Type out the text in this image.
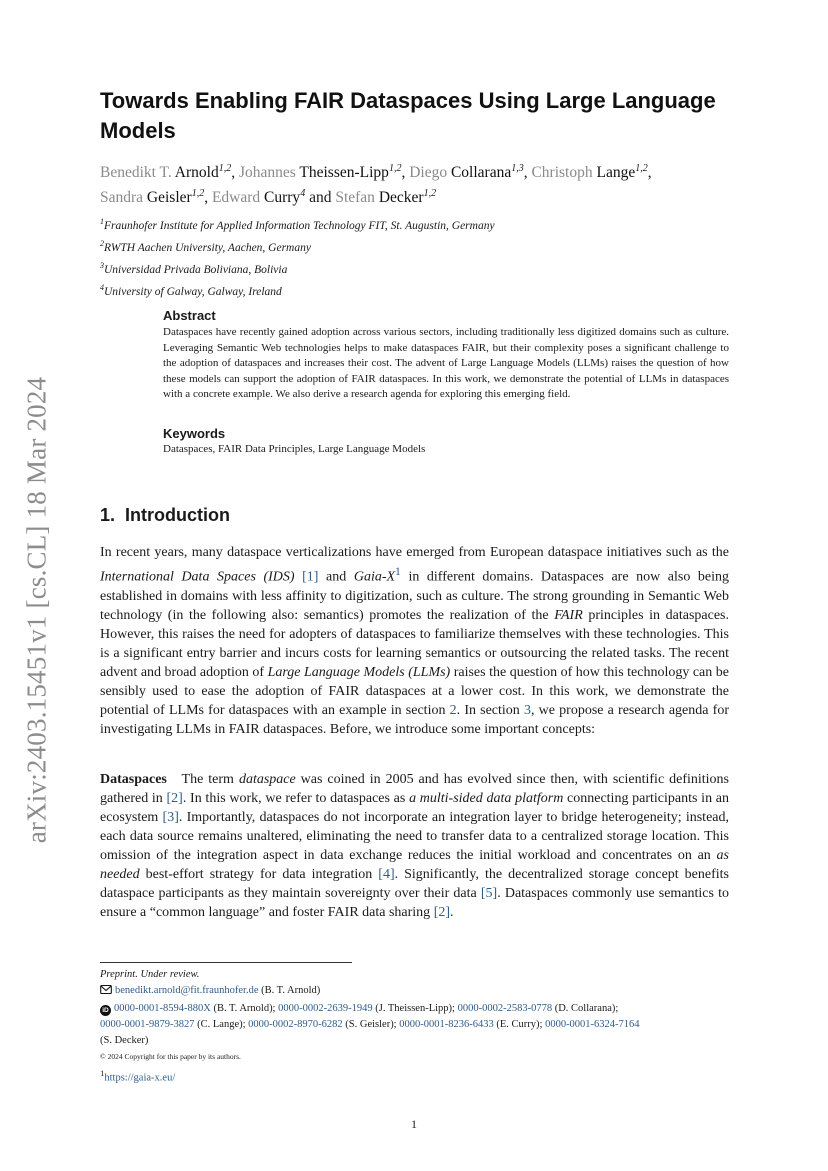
arXiv:2403.15451v1 [cs.CL] 18 Mar 2024
Towards Enabling FAIR Dataspaces Using Large Language Models
Benedikt T. Arnold$^{1,2}$, Johannes Theissen-Lipp$^{1,2}$, Diego Collarana$^{1,3}$, Christoph Lange$^{1,2}$,
Sandra Geisler$^{1,2}$, Edward Curry$^4$ and Stefan Decker$^{1,2}$
$^1$Fraunhofer Institute for Applied Information Technology FIT, St. Augustin, Germany
$^2$RWTH Aachen University, Aachen, Germany
$^3$Universidad Privada Boliviana, Bolivia
$^4$University of Galway, Galway, Ireland
Abstract
Dataspaces have recently gained adoption across various sectors, including traditionally less digitized domains such as culture. Leveraging Semantic Web technologies helps to make dataspaces FAIR, but their complexity poses a significant challenge to the adoption of dataspaces and increases their cost. The advent of Large Language Models (LLMs) raises the question of how these models can support the adoption of FAIR dataspaces. In this work, we demonstrate the potential of LLMs in dataspaces with a concrete example. We also derive a research agenda for exploring this emerging field.
Keywords
Dataspaces, FAIR Data Principles, Large Language Models
1. Introduction
In recent years, many dataspace verticalizations have emerged from European dataspace initiatives such as the International Data Spaces (IDS) [1] and Gaia-$X^1$ in different domains. Dataspaces are now also being established in domains with less affinity to digitization, such as culture. The strong grounding in Semantic Web technology (in the following also: semantics) promotes the realization of the FAIR principles in dataspaces. However, this raises the need for adopters of dataspaces to familiarize themselves with these technologies. This is a significant entry barrier and incurs costs for learning semantics or outsourcing the related tasks. The recent advent and broad adoption of Large Language Models (LLMs) raises the question of how this technology can be sensibly used to ease the adoption of FAIR dataspaces at a lower cost. In this work, we demonstrate the potential of LLMs for dataspaces with an example in section 2. In section 3, we propose a research agenda for investigating LLMs in FAIR dataspaces. Before, we introduce some important concepts:
Dataspaces   The term dataspace was coined in 2005 and has evolved since then, with scientific definitions gathered in [2]. In this work, we refer to dataspaces as a multi-sided data platform connecting participants in an ecosystem [3]. Importantly, dataspaces do not incorporate an integration layer to bridge heterogeneity; instead, each data source remains unaltered, eliminating the need to transfer data to a centralized storage location. This omission of the integration aspect in data exchange reduces the initial workload and concentrates on an as needed best-effort strategy for data integration [4]. Significantly, the decentralized storage concept benefits dataspace participants as they maintain sovereignty over their data [5]. Dataspaces commonly use semantics to ensure a “common language” and foster FAIR data sharing [2].
Preprint. Under review.
benedikt.arnold@fit.fraunhofer.de (B. T. Arnold)
iD 0000-0001-8594-880X (B. T. Arnold); 0000-0002-2639-1949 (J. Theissen-Lipp); 0000-0002-2583-0778 (D. Collarana);
0000-0001-9879-3827 (C. Lange); 0000-0002-8970-6282 (S. Geisler); 0000-0001-8236-6433 (E. Curry); 0000-0001-6324-7164
(S. Decker)
© 2024 Copyright for this paper by its authors.
$^1$https://gaia-x.eu/
1
